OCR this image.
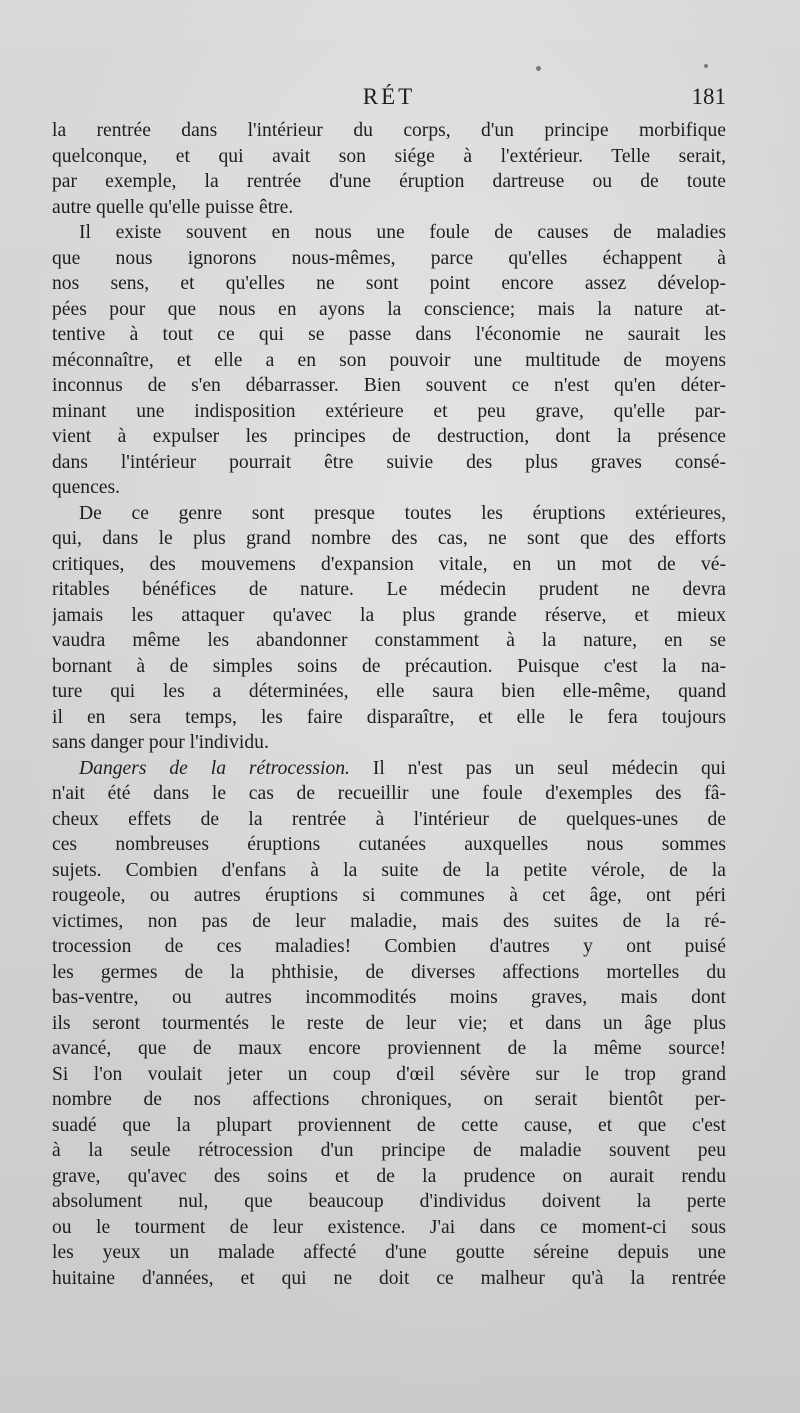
RÉT	181
la rentrée dans l'intérieur du corps, d'un principe morbifique
quelconque, et qui avait son siége à l'extérieur. Telle serait,
par exemple, la rentrée d'une éruption dartreuse ou de toute
autre quelle qu'elle puisse être.
Il existe souvent en nous une foule de causes de maladies
que nous ignorons nous-mêmes, parce qu'elles échappent à
nos sens, et qu'elles ne sont point encore assez dévelop-
pées pour que nous en ayons la conscience; mais la nature at-
tentive à tout ce qui se passe dans l'économie ne saurait les
méconnaître, et elle a en son pouvoir une multitude de moyens
inconnus de s'en débarrasser. Bien souvent ce n'est qu'en déter-
minant une indisposition extérieure et peu grave, qu'elle par-
vient à expulser les principes de destruction, dont la présence
dans l'intérieur pourrait être suivie des plus graves consé-
quences.
De ce genre sont presque toutes les éruptions extérieures,
qui, dans le plus grand nombre des cas, ne sont que des efforts
critiques, des mouvemens d'expansion vitale, en un mot de vé-
ritables bénéfices de nature. Le médecin prudent ne devra
jamais les attaquer qu'avec la plus grande réserve, et mieux
vaudra même les abandonner constamment à la nature, en se
bornant à de simples soins de précaution. Puisque c'est la na-
ture qui les a déterminées, elle saura bien elle-même, quand
il en sera temps, les faire disparaître, et elle le fera toujours
sans danger pour l'individu.
Dangers de la rétrocession. Il n'est pas un seul médecin qui
n'ait été dans le cas de recueillir une foule d'exemples des fâ-
cheux effets de la rentrée à l'intérieur de quelques-unes de
ces nombreuses éruptions cutanées auxquelles nous sommes
sujets. Combien d'enfans à la suite de la petite vérole, de la
rougeole, ou autres éruptions si communes à cet âge, ont péri
victimes, non pas de leur maladie, mais des suites de la ré-
trocession de ces maladies! Combien d'autres y ont puisé
les germes de la phthisie, de diverses affections mortelles du
bas-ventre, ou autres incommodités moins graves, mais dont
ils seront tourmentés le reste de leur vie; et dans un âge plus
avancé, que de maux encore proviennent de la même source!
Si l'on voulait jeter un coup d'œil sévère sur le trop grand
nombre de nos affections chroniques, on serait bientôt per-
suadé que la plupart proviennent de cette cause, et que c'est
à la seule rétrocession d'un principe de maladie souvent peu
grave, qu'avec des soins et de la prudence on aurait rendu
absolument nul, que beaucoup d'individus doivent la perte
ou le tourment de leur existence. J'ai dans ce moment-ci sous
les yeux un malade affecté d'une goutte séreine depuis une
huitaine d'années, et qui ne doit ce malheur qu'à la rentrée
